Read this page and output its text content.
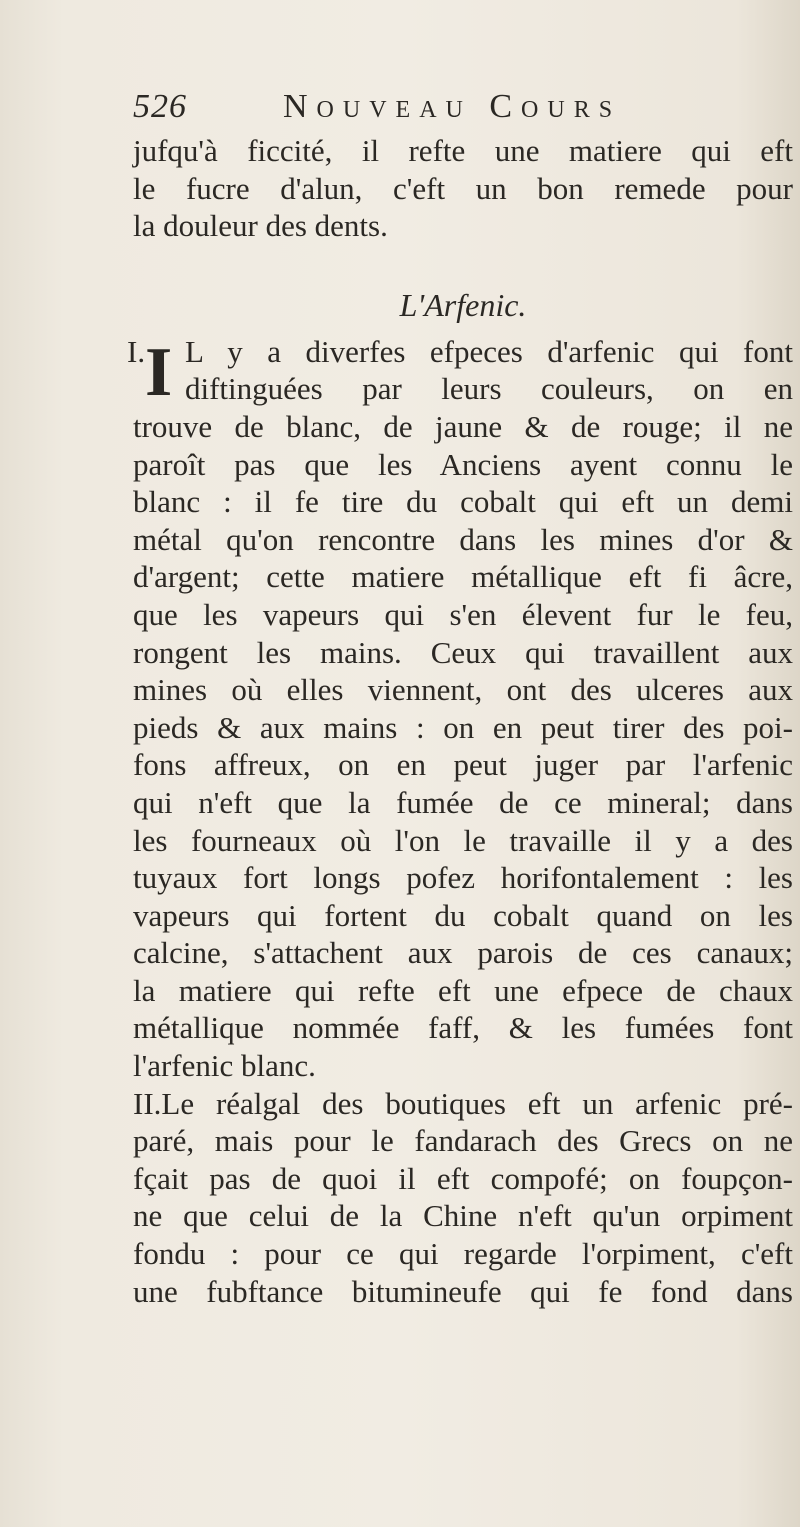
526	Nouveau Cours
jufqu'à ficcité, il refte une matiere qui eft
le fucre d'alun, c'eft un bon remede pour
la douleur des dents.
L'Arfenic.
I. I L y a diverfes efpeces d'arfenic qui font
diftinguées par leurs couleurs, on en
trouve de blanc, de jaune & de rouge; il ne
paroît pas que les Anciens ayent connu le
blanc : il fe tire du cobalt qui eft un demi
métal qu'on rencontre dans les mines d'or &
d'argent; cette matiere métallique eft fi âcre,
que les vapeurs qui s'en élevent fur le feu,
rongent les mains. Ceux qui travaillent aux
mines où elles viennent, ont des ulceres aux
pieds & aux mains : on en peut tirer des poi-
fons affreux, on en peut juger par l'arfenic
qui n'eft que la fumée de ce mineral; dans
les fourneaux où l'on le travaille il y a des
tuyaux fort longs pofez horifontalement : les
vapeurs qui fortent du cobalt quand on les
calcine, s'attachent aux parois de ces canaux;
la matiere qui refte eft une efpece de chaux
métallique nommée faff, & les fumées font
l'arfenic blanc.
II.Le réalgal des boutiques eft un arfenic pré-
paré, mais pour le fandarach des Grecs on ne
fçait pas de quoi il eft compofé; on foupçon-
ne que celui de la Chine n'eft qu'un orpiment
fondu : pour ce qui regarde l'orpiment, c'eft
une fubftance bitumineufe qui fe fond dans
